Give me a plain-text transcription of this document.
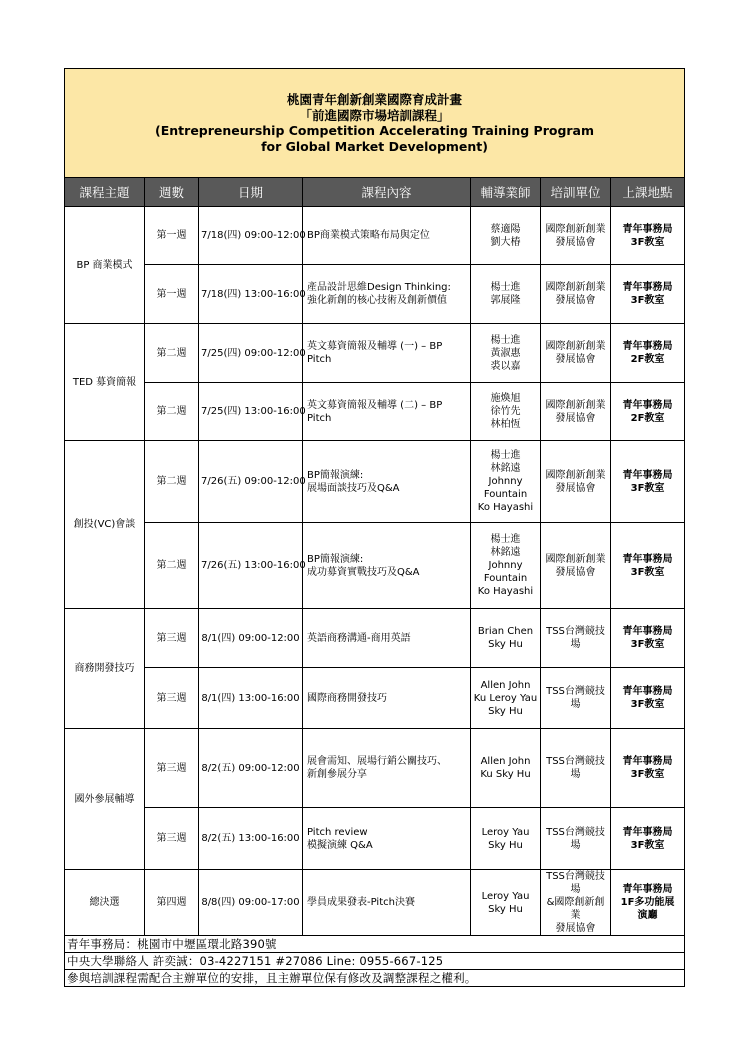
桃園青年創新創業國際育成計畫
「前進國際市場培訓課程」
(Entrepreneurship Competition Accelerating Training Program
for Global Market Development)						

課程主題	週數	日期	課程內容	輔導業師	培訓單位	上課地點
BP 商業模式	第一週	7/18(四) 09:00-12:00	BP商業模式策略布局與定位	蔡適陽
劉大椿	國際創新創業
發展協會	青年事務局
3F教室

	第一週	7/18(四) 13:00-16:00	產品設計思維Design Thinking:
強化新創的核心技術及創新價值	楊士進
郭展隆	國際創新創業
發展協會	青年事務局
3F教室

TED 募資簡報	第二週	7/25(四) 09:00-12:00	英文募資簡報及輔導 (一) – BP
Pitch	楊士進
黃淑惠
裘以嘉	國際創新創業
發展協會	青年事務局
2F教室

	第二週	7/25(四) 13:00-16:00	英文募資簡報及輔導 (二) – BP
Pitch	施煥旭
徐竹先
林柏恆	國際創新創業
發展協會	青年事務局
2F教室

創投(VC)會談	第二週	7/26(五) 09:00-12:00	BP簡報演練:
展場面談技巧及Q&A	楊士進
林銘遠
Johnny
Fountain
Ko Hayashi	國際創新創業
發展協會	青年事務局
3F教室

	第二週	7/26(五) 13:00-16:00	BP簡報演練:
成功募資實戰技巧及Q&A	楊士進
林銘遠
Johnny
Fountain
Ko Hayashi	國際創新創業
發展協會	青年事務局
3F教室

商務開發技巧	第三週	8/1(四) 09:00-12:00	英語商務溝通-商用英語	Brian Chen
Sky Hu	TSS台灣競技場	青年事務局
3F教室

	第三週	8/1(四) 13:00-16:00	國際商務開發技巧	Allen John
Ku Leroy Yau
Sky Hu	TSS台灣競技場	青年事務局
3F教室

國外參展輔導	第三週	8/2(五) 09:00-12:00	展會需知、展場行銷公關技巧、
新創參展分享	Allen John
Ku Sky Hu	TSS台灣競技場	青年事務局
3F教室

	第三週	8/2(五) 13:00-16:00	Pitch review
模擬演練 Q&A	Leroy Yau
Sky Hu	TSS台灣競技場	青年事務局
3F教室

總決選	第四週	8/8(四) 09:00-17:00	學員成果發表-Pitch決賽	Leroy Yau
Sky Hu	TSS台灣競技場
&國際創新創業
發展協會	青年事務局
1F多功能展
演廳

青年事務局：桃園市中壢區環北路390號						
中央大學聯絡人 許奕誠：03-4227151 #27086 Line: 0955-667-125						
參與培訓課程需配合主辦單位的安排，且主辦單位保有修改及調整課程之權利。						
